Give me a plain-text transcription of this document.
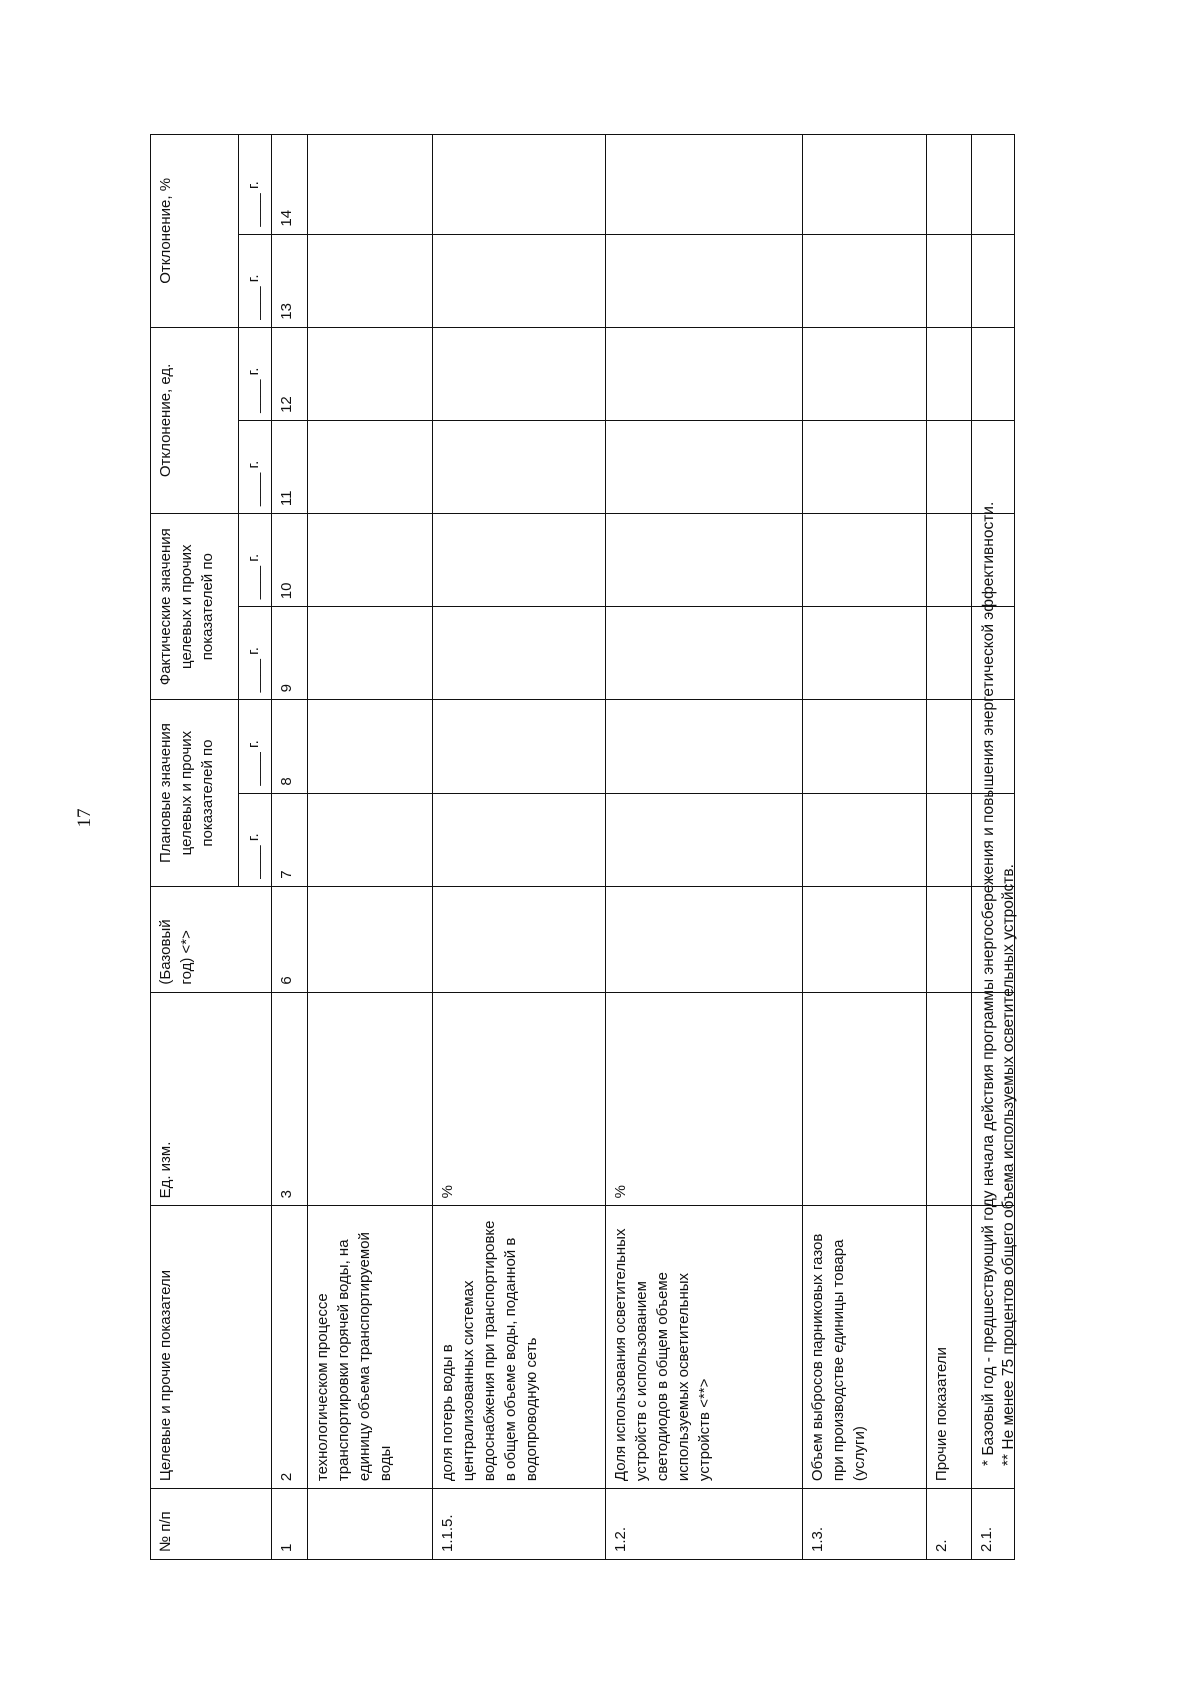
17
№ п/п	Целевые и прочие показатели	Ед. изм.	(Базовый год) <*>	Плановые значения целевых и прочих показателей по		Фактические значения целевых и прочих показателей по		Отклонение, ед.		Отклонение, %	
				____ г.	____ г.	____ г.	____ г.	____ г.	____ г.	____ г.	____ г.
1	2	3	6	7	8	9	10	11	12	13	14
	технологическом процессе транспортировки горячей воды, на единицу объема транспортируемой воды										
1.1.5.	доля потерь воды в централизованных системах водоснабжения при транспортировке в общем объеме воды, поданной в водопроводную сеть	%									
1.2.	Доля использования осветительных устройств с использованием светодиодов в общем объеме используемых осветительных устройств <**>	%									
1.3.	Объем выбросов парниковых газов при производстве единицы товара (услуги)										
2.	Прочие показатели										
2.1.											

* Базовый год - предшествующий году начала действия программы энергосбережения и повышения энергетической эффективности. ** Не менее 75 процентов общего объема используемых осветительных устройств.
